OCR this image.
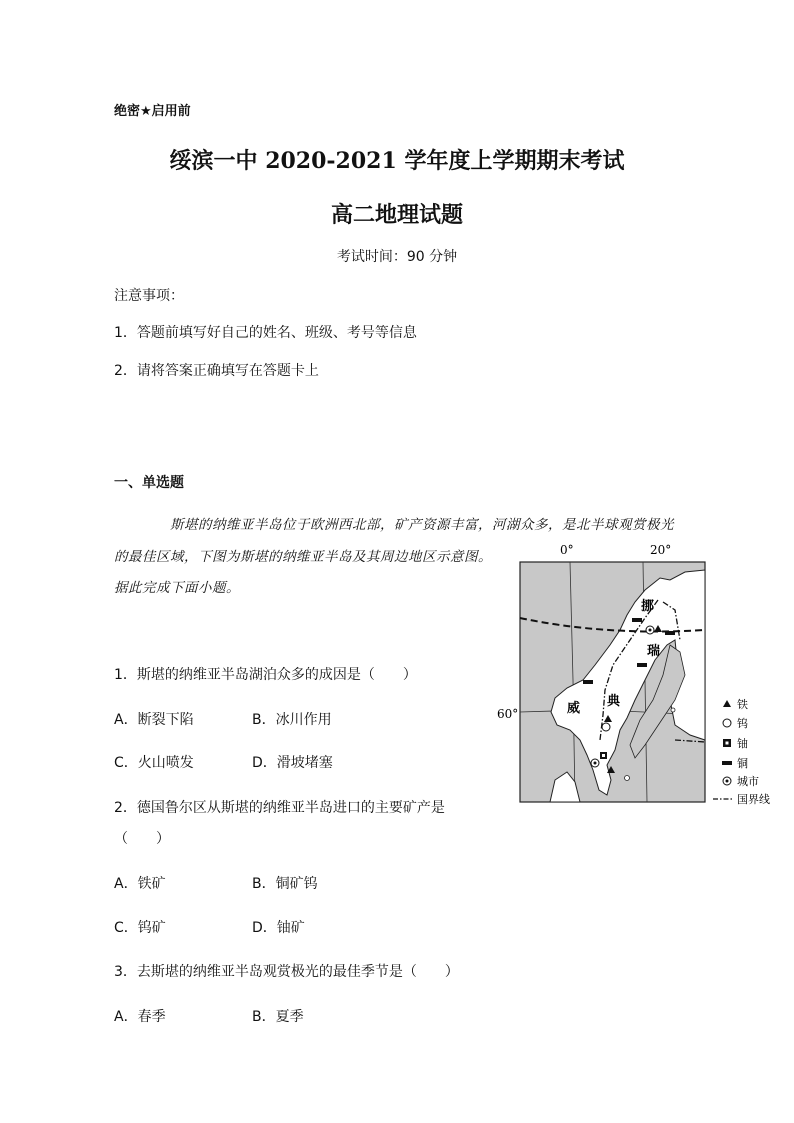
绝密★启用前
绥滨一中 2020-2021 学年度上学期期末考试
高二地理试题
考试时间：90 分钟
注意事项：
1．答题前填写好自己的姓名、班级、考号等信息
2．请将答案正确填写在答题卡上
一、单选题
斯堪的纳维亚半岛位于欧洲西北部，矿产资源丰富，河湖众多，是北半球观赏极光
的最佳区域，下图为斯堪的纳维亚半岛及其周边地区示意图。
据此完成下面小题。
1．斯堪的纳维亚半岛湖泊众多的成因是（　　）
A．断裂下陷	B．冰川作用
C．火山喷发	D．滑坡堵塞
2．德国鲁尔区从斯堪的纳维亚半岛进口的主要矿产是
（　　）
A．铁矿	B．铜矿钨
C．钨矿	D．铀矿
3．去斯堪的纳维亚半岛观赏极光的最佳季节是（　　）
A．春季	B．夏季
0°	20°
60°
挪
威
瑞
典	铁
钨
铀
铜
城市
国界线
